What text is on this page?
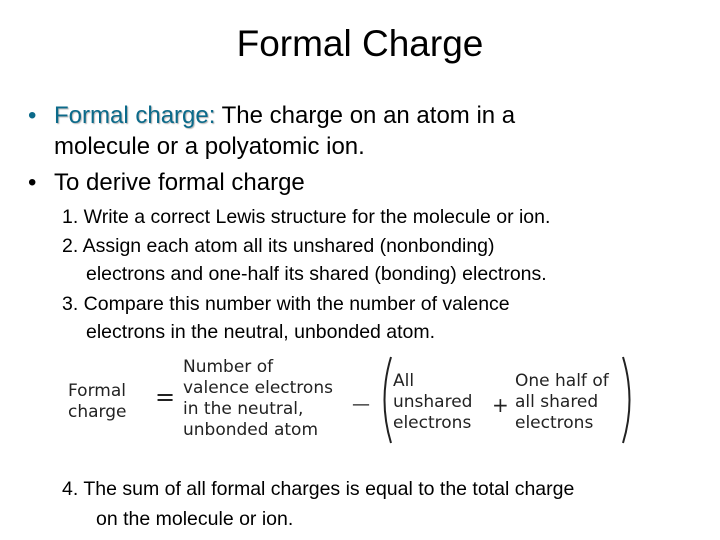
Formal Charge
• Formal charge: The charge on an atom in a
molecule or a polyatomic ion.
• To derive formal charge
1. Write a correct Lewis structure for the molecule or ion.
2. Assign each atom all its unshared (nonbonding)
electrons and one-half its shared (bonding) electrons.
3. Compare this number with the number of valence
electrons in the neutral, unbonded atom.
Formal
charge
=
Number of
valence electrons
in the neutral,
unbonded atom
—
All
unshared
electrons
+
One half of
all shared
electrons
4. The sum of all formal charges is equal to the total charge
on the molecule or ion.
